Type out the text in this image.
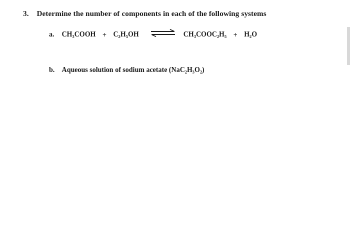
3. Determine the number of components in each of the following systems
a. CH₃COOH + C₂H₅OH ⇌ CH₃COOC₂H₅ + H₂O
b. Aqueous solution of sodium acetate (NaC₂H₃O₂)
